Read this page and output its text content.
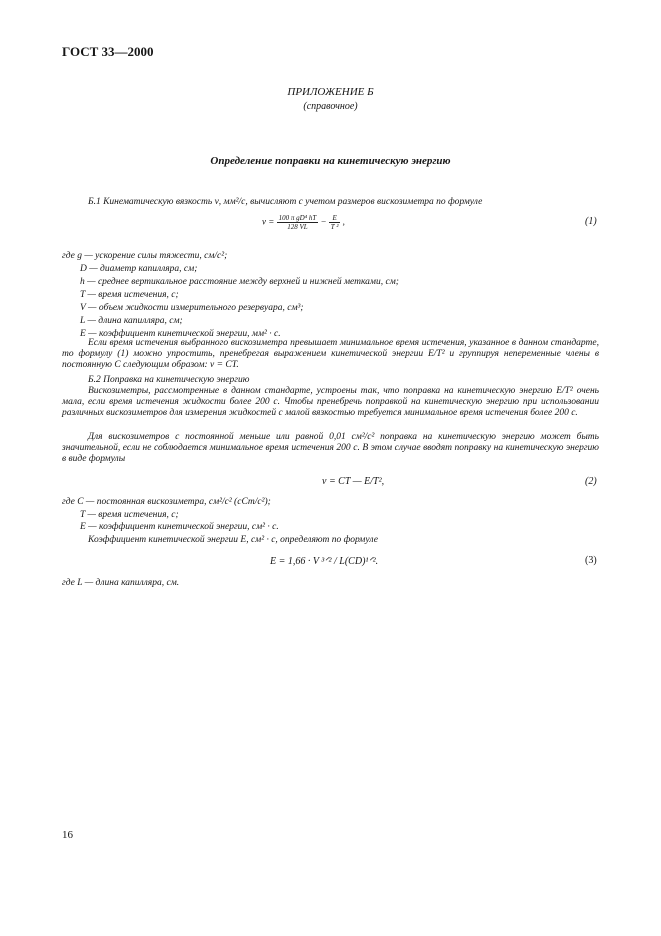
ГОСТ 33—2000
ПРИЛОЖЕНИЕ Б
(справочное)
Определение поправки на кинетическую энергию
Б.1 Кинематическую вязкость ν, мм²/с, вычисляют с учетом размеров вискозиметра по формуле
$\nu = \frac{\text{100 π gD⁴ hT}}{128 VL} - \frac{E}{\text{T ²}}$ ,	(1)
где g — ускорение силы тяжести, см/с²;
D — диаметр капилляра, см;
h — среднее вертикальное расстояние между верхней и нижней метками, см;
T — время истечения, с;
V — объем жидкости измерительного резервуара, см³;
L — длина капилляра, см;
E — коэффициент кинетической энергии, мм² · с.
Если время истечения выбранного вискозиметра превышает минимальное время истечения, указанное в данном стандарте, то формулу (1) можно упростить, пренебрегая выражением кинетической энергии E/T² и группируя непеременные члены в постоянную C следующим образом: ν = CT.
Б.2 Поправка на кинетическую энергию
Вискозиметры, рассмотренные в данном стандарте, устроены так, что поправка на кинетическую энергию E/T² очень мала, если время истечения жидкости более 200 с. Чтобы пренебречь поправкой на кинетическую энергию при использовании различных вискозиметров для измерения жидкостей с малой вязкостью требуется минимальное время истечения более 200 с.
Для вискозиметров с постоянной меньше или равной 0,01 см²/с² поправка на кинетическую энергию может быть значительной, если не соблюдается минимальное время истечения 200 с. В этом случае вводят поправку на кинетическую энергию в виде формулы
ν = CT — E/T²,	(2)
где C — постоянная вискозиметра, см²/с² (сСт/с²);
T — время истечения, с;
E — коэффициент кинетической энергии, см² · с.
Коэффициент кинетической энергии E, см² · с, определяют по формуле
E = 1,66 · V ³ᐟ² / L(CD)¹ᐟ².	(3)
где L — длина капилляра, см.
16
